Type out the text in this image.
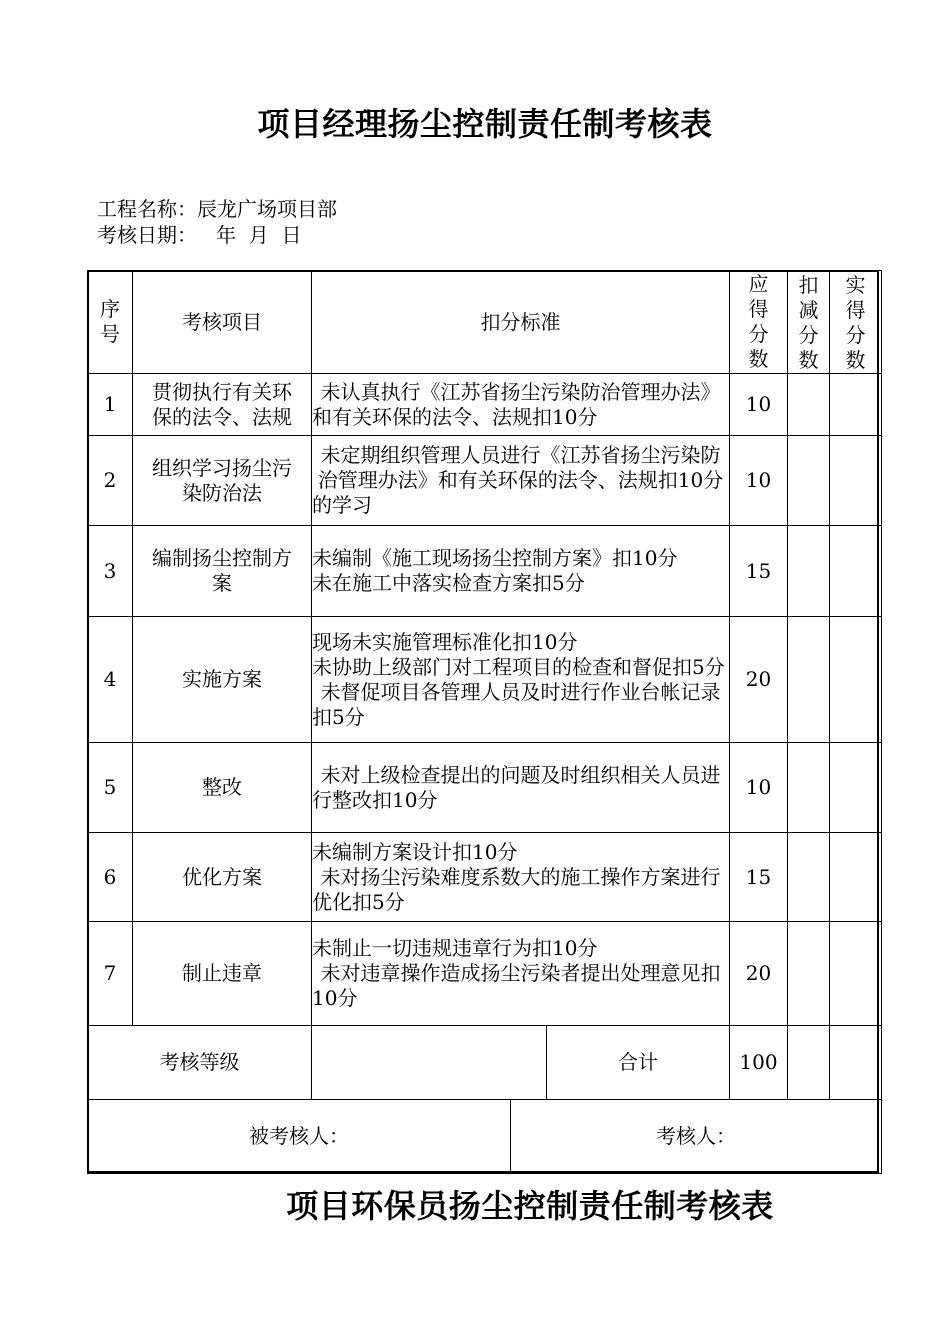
项目经理扬尘控制责任制考核表
工程名称：辰龙广场项目部
考核日期：   年  月  日
序
号	考核项目	扣分标准	应
得
分
数	扣
减
分
数	实
得
分
数

1	贯彻执行有关环
保的法令、法规	未认真执行《江苏省扬尘污染防治管理办法》和有关环保的法令、法规扣10分	10		
2	组织学习扬尘污
染防治法	未定期组织管理人员进行《江苏省扬尘污染防治管理办法》和有关环保的法令、法规扣10分的学习	10		
3	编制扬尘控制方
案	未编制《施工现场扬尘控制方案》扣10分
未在施工中落实检查方案扣5分	15		
4	实施方案	现场未实施管理标准化扣10分
未协助上级部门对工程项目的检查和督促扣5分
未督促项目各管理人员及时进行作业台帐记录扣5分	20		
5	整改	未对上级检查提出的问题及时组织相关人员进行整改扣10分	10		
6	优化方案	未编制方案设计扣10分
未对扬尘污染难度系数大的施工操作方案进行优化扣5分	15		
7	制止违章	未制止一切违规违章行为扣10分
未对违章操作造成扬尘污染者提出处理意见扣10分	20		
考核等级			合计	100		
被考核人：		考核人：				
项目环保员扬尘控制责任制考核表
